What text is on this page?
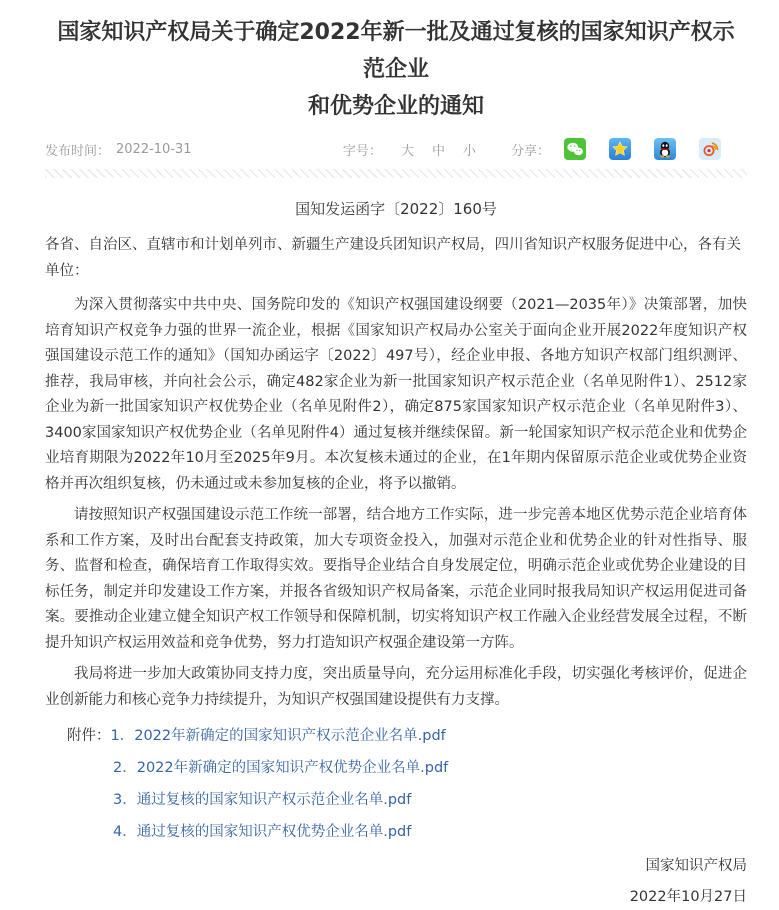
国家知识产权局关于确定2022年新一批及通过复核的国家知识产权示范企业
和优势企业的通知
发布时间： 2022-10-31	字号： 大 中 小	分享：
国知发运函字〔2022〕160号
各省、自治区、直辖市和计划单列市、新疆生产建设兵团知识产权局，四川省知识产权服务促进中心，各有关单位：

为深入贯彻落实中共中央、国务院印发的《知识产权强国建设纲要（2021—2035年）》决策部署，加快培育知识产权竞争力强的世界一流企业，根据《国家知识产权局办公室关于面向企业开展2022年度知识产权强国建设示范工作的通知》（国知办函运字〔2022〕497号），经企业申报、各地方知识产权部门组织测评、推荐，我局审核，并向社会公示，确定482家企业为新一批国家知识产权示范企业（名单见附件1）、2512家企业为新一批国家知识产权优势企业（名单见附件2），确定875家国家知识产权示范企业（名单见附件3）、3400家国家知识产权优势企业（名单见附件4）通过复核并继续保留。新一轮国家知识产权示范企业和优势企业培育期限为2022年10月至2025年9月。本次复核未通过的企业，在1年期内保留原示范企业或优势企业资格并再次组织复核，仍未通过或未参加复核的企业，将予以撤销。

请按照知识产权强国建设示范工作统一部署，结合地方工作实际，进一步完善本地区优势示范企业培育体系和工作方案，及时出台配套支持政策，加大专项资金投入，加强对示范企业和优势企业的针对性指导、服务、监督和检查，确保培育工作取得实效。要指导企业结合自身发展定位，明确示范企业或优势企业建设的目标任务，制定并印发建设工作方案，并报各省级知识产权局备案，示范企业同时报我局知识产权运用促进司备案。要推动企业建立健全知识产权工作领导和保障机制，切实将知识产权工作融入企业经营发展全过程，不断提升知识产权运用效益和竞争优势，努力打造知识产权强企建设第一方阵。

我局将进一步加大政策协同支持力度，突出质量导向，充分运用标准化手段，切实强化考核评价，促进企业创新能力和核心竞争力持续提升，为知识产权强国建设提供有力支撑。

附件：1．2022年新确定的国家知识产权示范企业名单.pdf
2．2022年新确定的国家知识产权优势企业名单.pdf
3．通过复核的国家知识产权示范企业名单.pdf
4．通过复核的国家知识产权优势企业名单.pdf
国家知识产权局
2022年10月27日
